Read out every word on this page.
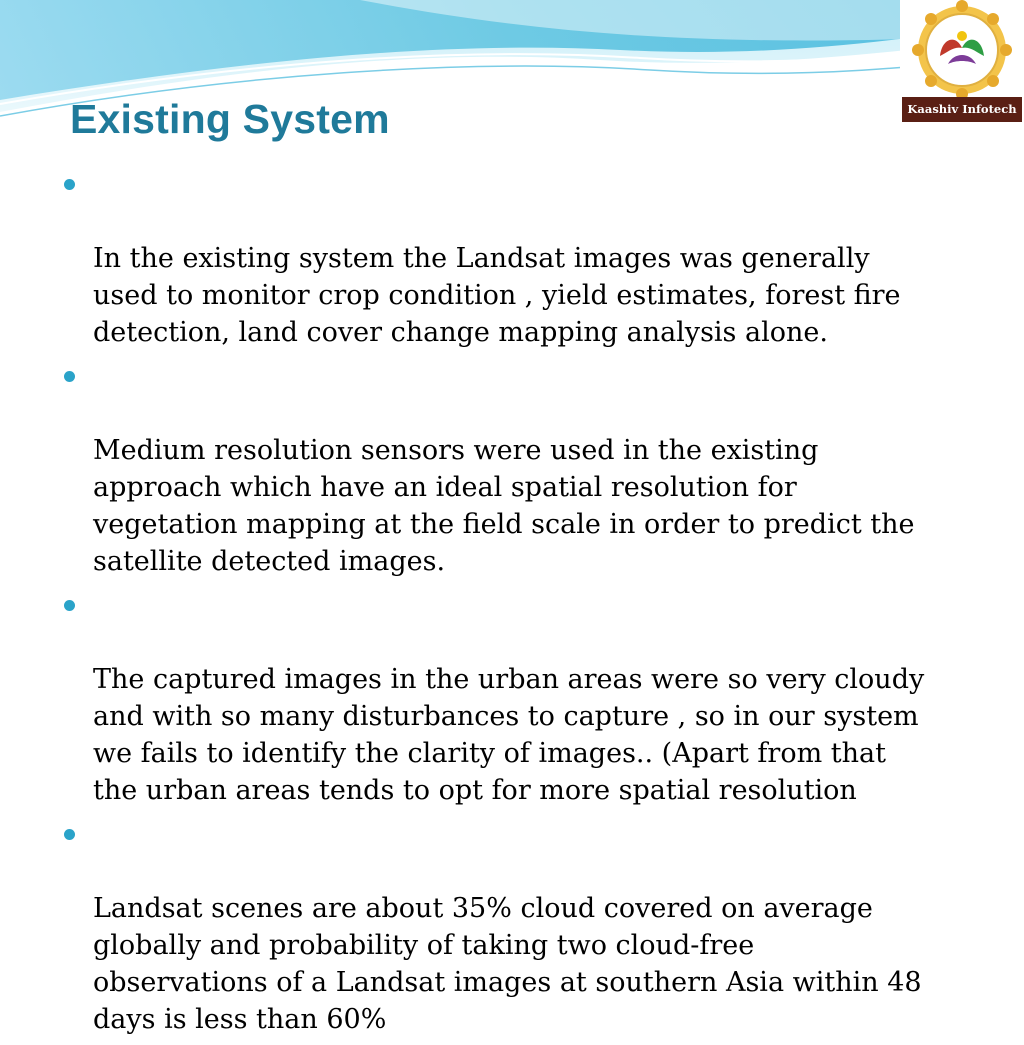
Existing System	Kaashiv Infotech

In the existing system the Landsat images was generally
used to monitor crop condition , yield estimates, forest fire
detection, land cover change mapping analysis alone.

Medium resolution sensors were used in the existing
approach which have an ideal spatial resolution for
vegetation mapping at the field scale in order to predict the
satellite detected images.

The captured images in the urban areas were so very cloudy
and with so many disturbances to capture , so in our system
we fails to identify the clarity of images.. (Apart from that
the urban areas tends to opt for more spatial resolution

Landsat scenes are about 35% cloud covered on average
globally and probability of taking two cloud-free
observations of a Landsat images at southern Asia within 48
days is less than 60%
